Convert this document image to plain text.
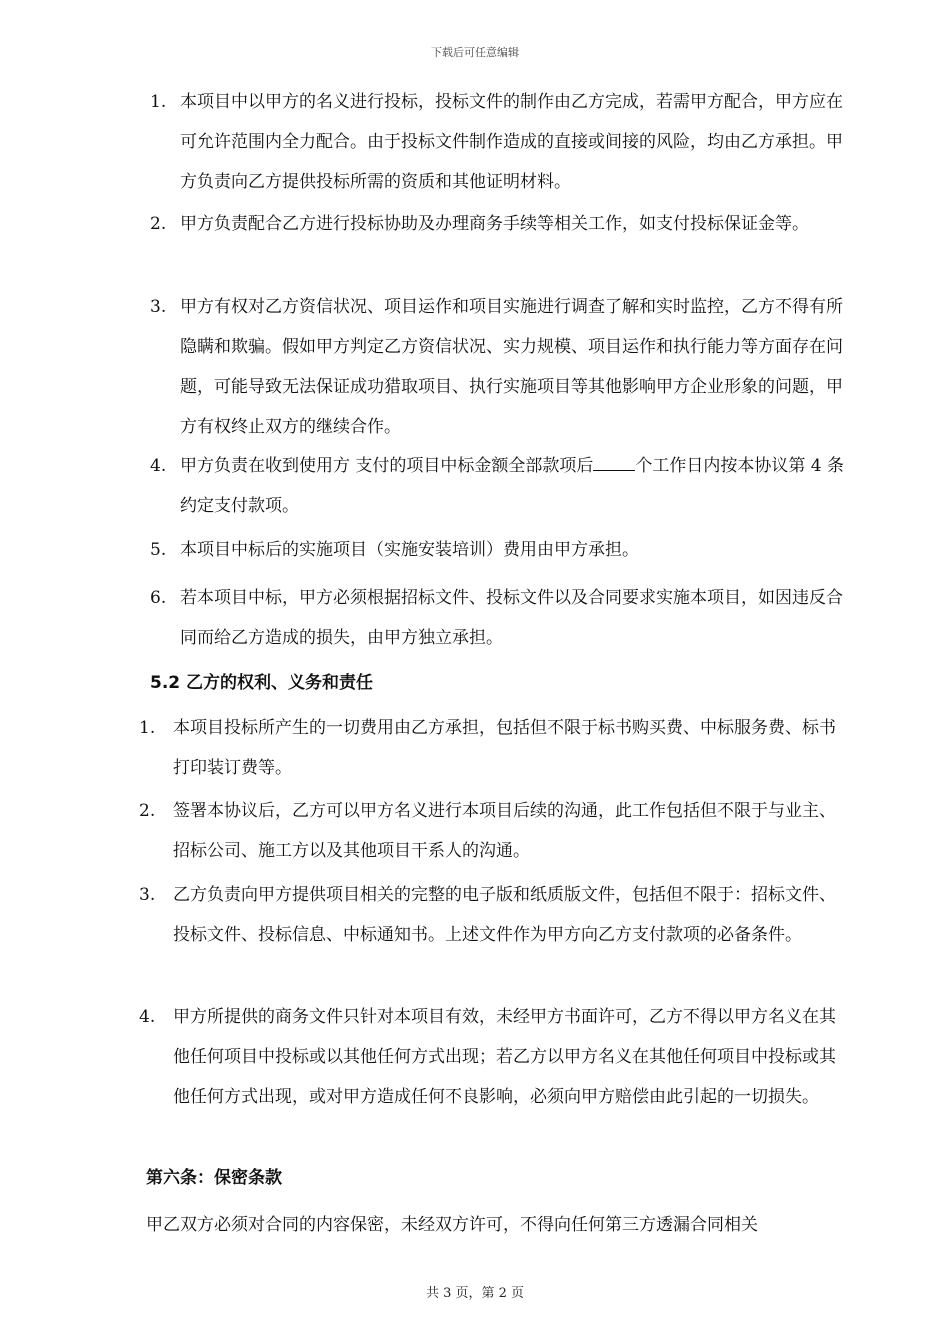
下载后可任意编辑
1. 本项目中以甲方的名义进行投标，投标文件的制作由乙方完成，若需甲方配合，甲方应在可允许范围内全力配合。由于投标文件制作造成的直接或间接的风险，均由乙方承担。甲方负责向乙方提供投标所需的资质和其他证明材料。
2. 甲方负责配合乙方进行投标协助及办理商务手续等相关工作，如支付投标保证金等。
3. 甲方有权对乙方资信状况、项目运作和项目实施进行调查了解和实时监控，乙方不得有所隐瞒和欺骗。假如甲方判定乙方资信状况、实力规模、项目运作和执行能力等方面存在问题，可能导致无法保证成功猎取项目、执行实施项目等其他影响甲方企业形象的问题，甲方有权终止双方的继续合作。
4. 甲方负责在收到使用方 支付的项目中标金额全部款项后 个工作日内按本协议第 4 条约定支付款项。
5. 本项目中标后的实施项目（实施安装培训）费用由甲方承担。
6. 若本项目中标，甲方必须根据招标文件、投标文件以及合同要求实施本项目，如因违反合同而给乙方造成的损失，由甲方独立承担。
5.2 乙方的权利、义务和责任
1. 本项目投标所产生的一切费用由乙方承担，包括但不限于标书购买费、中标服务费、标书打印装订费等。
2. 签署本协议后，乙方可以甲方名义进行本项目后续的沟通，此工作包括但不限于与业主、招标公司、施工方以及其他项目干系人的沟通。
3. 乙方负责向甲方提供项目相关的完整的电子版和纸质版文件，包括但不限于：招标文件、投标文件、投标信息、中标通知书。上述文件作为甲方向乙方支付款项的必备条件。
4. 甲方所提供的商务文件只针对本项目有效，未经甲方书面许可，乙方不得以甲方名义在其他任何项目中投标或以其他任何方式出现；若乙方以甲方名义在其他任何项目中投标或其他任何方式出现，或对甲方造成任何不良影响，必须向甲方赔偿由此引起的一切损失。
第六条：保密条款
甲乙双方必须对合同的内容保密，未经双方许可，不得向任何第三方透漏合同相关
共 3 页，第 2 页
